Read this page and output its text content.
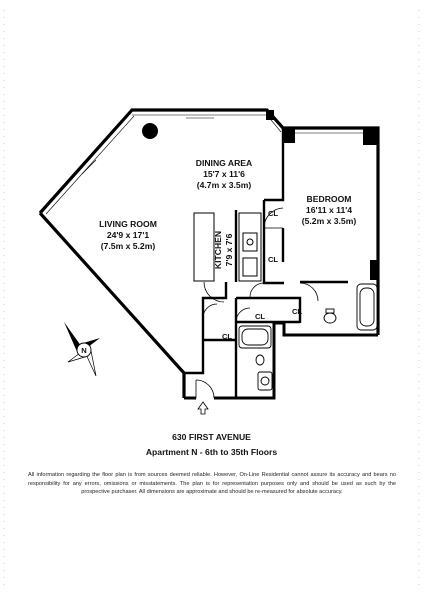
N
DINING AREA
15'7 x 11'6
(4.7m x 3.5m)
LIVING ROOM
24'9 x 17'1
(7.5m x 5.2m)
BEDROOM
16'11 x 11'4
(5.2m x 3.5m)
KITCHEN 7'9 x 7'6
CL
CL
CL
CL
CL
630 FIRST AVENUE
Apartment N - 6th to 35th Floors
All information regarding the floor plan is from sources deemed reliable. However, On-Line Residential cannot assure its accuracy and bears no responsibility for any errors, omissions or misstatements. The plan is for representation purposes only and should be used as such by the prospective purchaser. All dimensions are approximate and should be re-measured for absolute accuracy.
